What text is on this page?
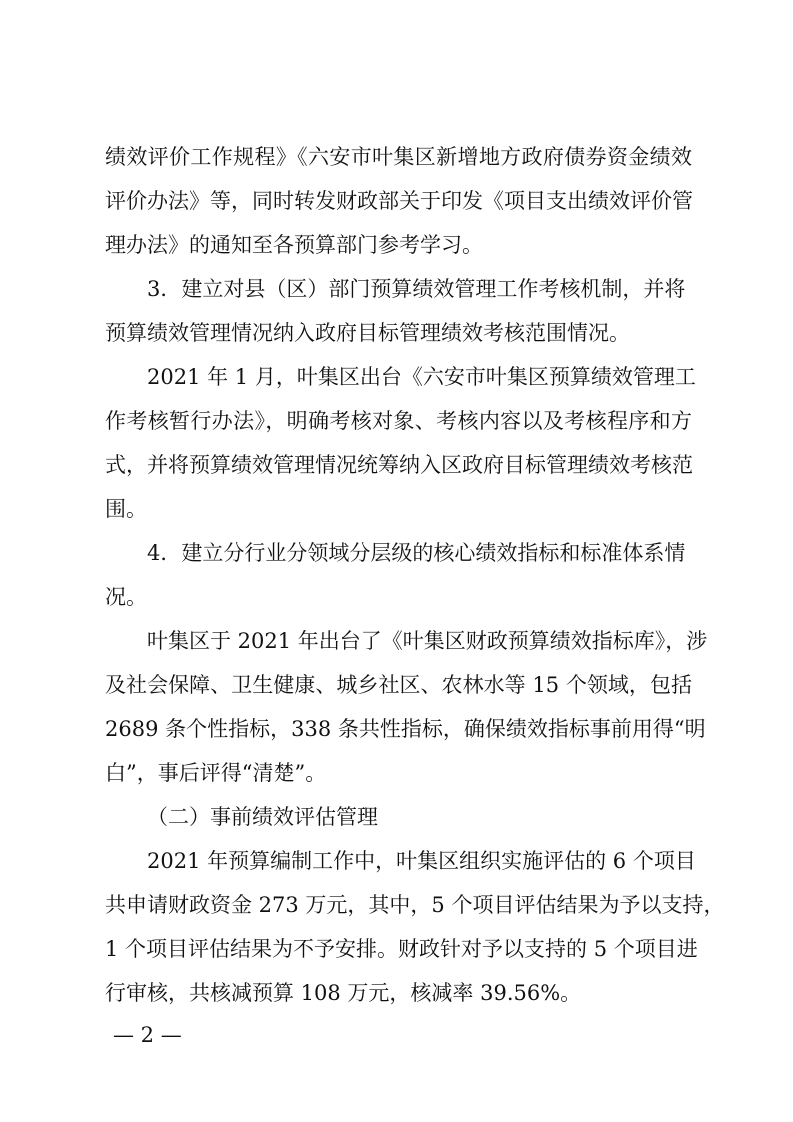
绩效评价工作规程》《六安市叶集区新增地方政府债券资金绩效
评价办法》等，同时转发财政部关于印发《项目支出绩效评价管
理办法》的通知至各预算部门参考学习。
3．建立对县（区）部门预算绩效管理工作考核机制，并将
预算绩效管理情况纳入政府目标管理绩效考核范围情况。
2021 年 1 月，叶集区出台《六安市叶集区预算绩效管理工
作考核暂行办法》，明确考核对象、考核内容以及考核程序和方
式，并将预算绩效管理情况统筹纳入区政府目标管理绩效考核范
围。
4．建立分行业分领域分层级的核心绩效指标和标准体系情
况。
叶集区于 2021 年出台了《叶集区财政预算绩效指标库》，涉
及社会保障、卫生健康、城乡社区、农林水等 15 个领域，包括
2689 条个性指标，338 条共性指标，确保绩效指标事前用得“明
白”，事后评得“清楚”。
（二）事前绩效评估管理
2021 年预算编制工作中，叶集区组织实施评估的 6 个项目
共申请财政资金 273 万元，其中，5 个项目评估结果为予以支持，
1 个项目评估结果为不予安排。财政针对予以支持的 5 个项目进
行审核，共核减预算 108 万元，核减率 39.56%。
— 2 —
